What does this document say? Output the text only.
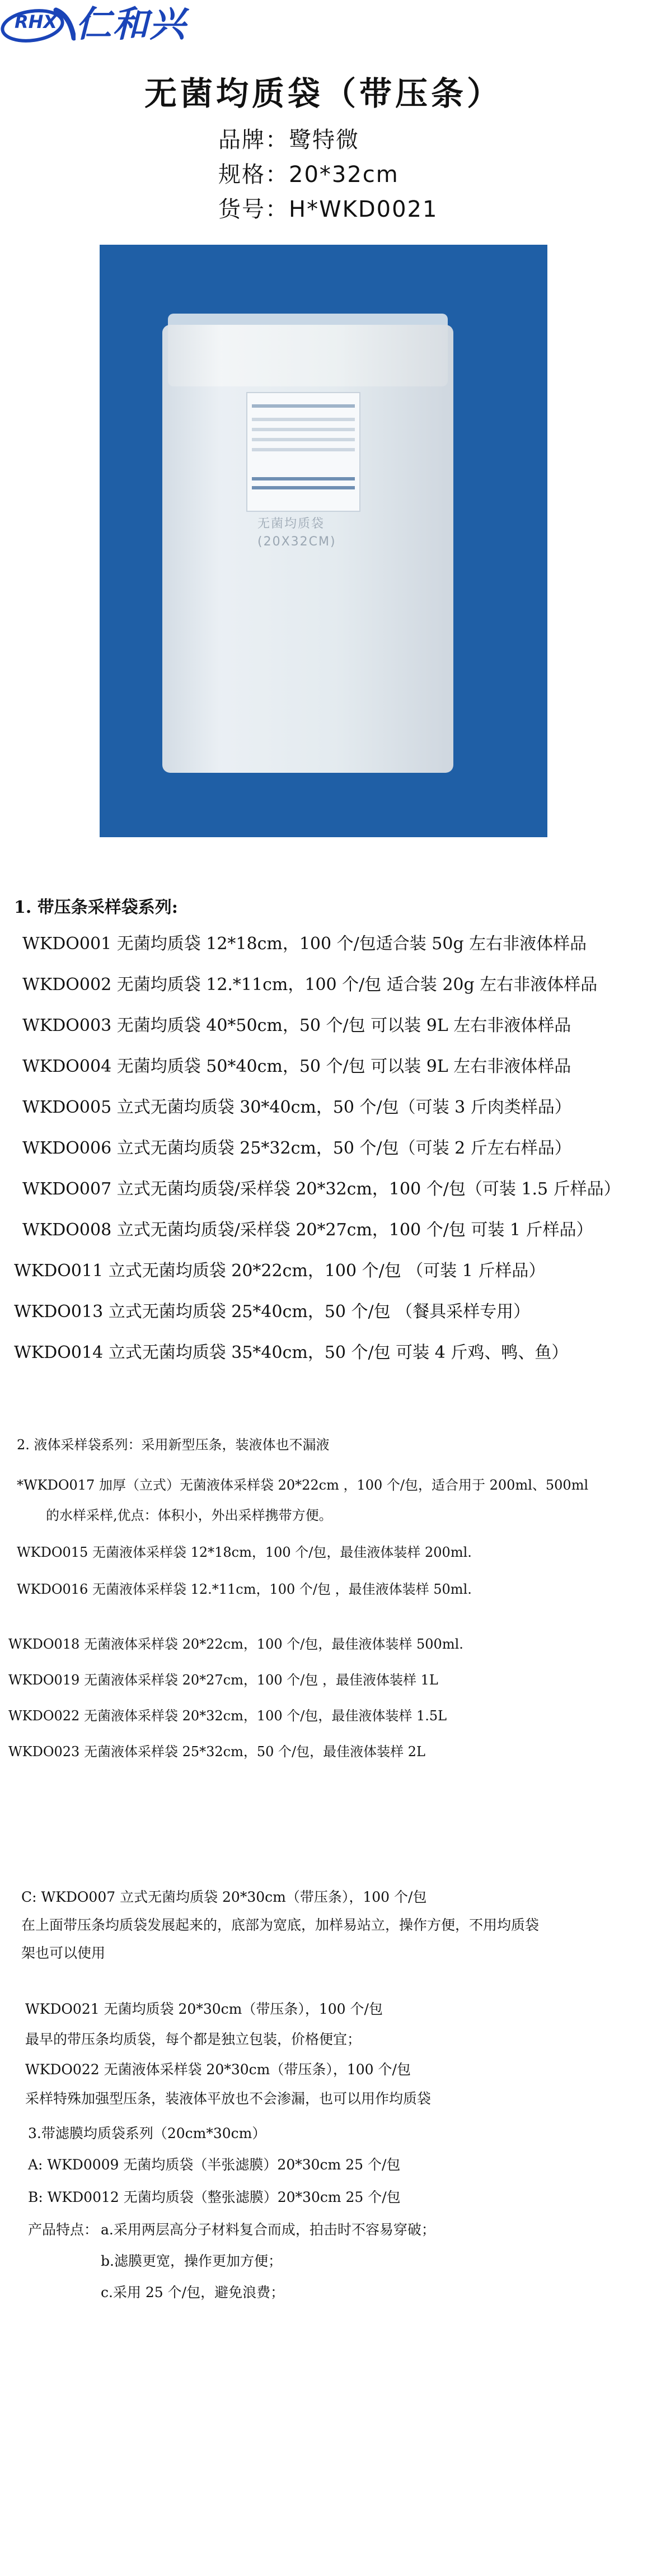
RHX 仁和兴
无菌均质袋（带压条）
品牌：鹭特微
规格：20*32cm
货号：H*WKD0021
无菌均质袋
(20X32CM)
1. 带压条采样袋系列:
WKDO001 无菌均质袋 12*18cm，100 个/包适合装 50g 左右非液体样品
WKDO002 无菌均质袋 12.*11cm，100 个/包 适合装 20g 左右非液体样品
WKDO003 无菌均质袋 40*50cm，50 个/包 可以装 9L 左右非液体样品
WKDO004 无菌均质袋 50*40cm，50 个/包 可以装 9L 左右非液体样品
WKDO005 立式无菌均质袋 30*40cm，50 个/包（可装 3 斤肉类样品）
WKDO006 立式无菌均质袋 25*32cm，50 个/包（可装 2 斤左右样品）
WKDO007 立式无菌均质袋/采样袋 20*32cm，100 个/包（可装 1.5 斤样品）
WKDO008 立式无菌均质袋/采样袋 20*27cm，100 个/包 可装 1 斤样品）
WKDO011 立式无菌均质袋 20*22cm，100 个/包 （可装 1 斤样品）
WKDO013 立式无菌均质袋 25*40cm，50 个/包 （餐具采样专用）
WKDO014 立式无菌均质袋 35*40cm，50 个/包 可装 4 斤鸡、鸭、鱼）
2. 液体采样袋系列：采用新型压条，装液体也不漏液
*WKDO017 加厚（立式）无菌液体采样袋 20*22cm ，100 个/包，适合用于 200ml、500ml
的水样采样,优点：体积小，外出采样携带方便。
WKDO015 无菌液体采样袋 12*18cm，100 个/包，最佳液体装样 200ml.
WKDO016 无菌液体采样袋 12.*11cm，100 个/包 ，最佳液体装样 50ml.
WKDO018 无菌液体采样袋 20*22cm，100 个/包，最佳液体装样 500ml.
WKDO019 无菌液体采样袋 20*27cm，100 个/包 ，最佳液体装样 1L
WKDO022 无菌液体采样袋 20*32cm，100 个/包，最佳液体装样 1.5L
WKDO023 无菌液体采样袋 25*32cm，50 个/包，最佳液体装样 2L
C: WKDO007 立式无菌均质袋 20*30cm（带压条），100 个/包
在上面带压条均质袋发展起来的，底部为宽底，加样易站立，操作方便，不用均质袋
架也可以使用
WKDO021 无菌均质袋 20*30cm（带压条），100 个/包
最早的带压条均质袋，每个都是独立包装，价格便宜；
WKDO022 无菌液体采样袋 20*30cm（带压条），100 个/包
采样特殊加强型压条，装液体平放也不会渗漏，也可以用作均质袋
3.带滤膜均质袋系列（20cm*30cm）
A: WKD0009 无菌均质袋（半张滤膜）20*30cm 25 个/包
B: WKD0012 无菌均质袋（整张滤膜）20*30cm 25 个/包
产品特点： a.采用两层高分子材料复合而成，拍击时不容易穿破；
b.滤膜更宽，操作更加方便；
c.采用 25 个/包，避免浪费；
